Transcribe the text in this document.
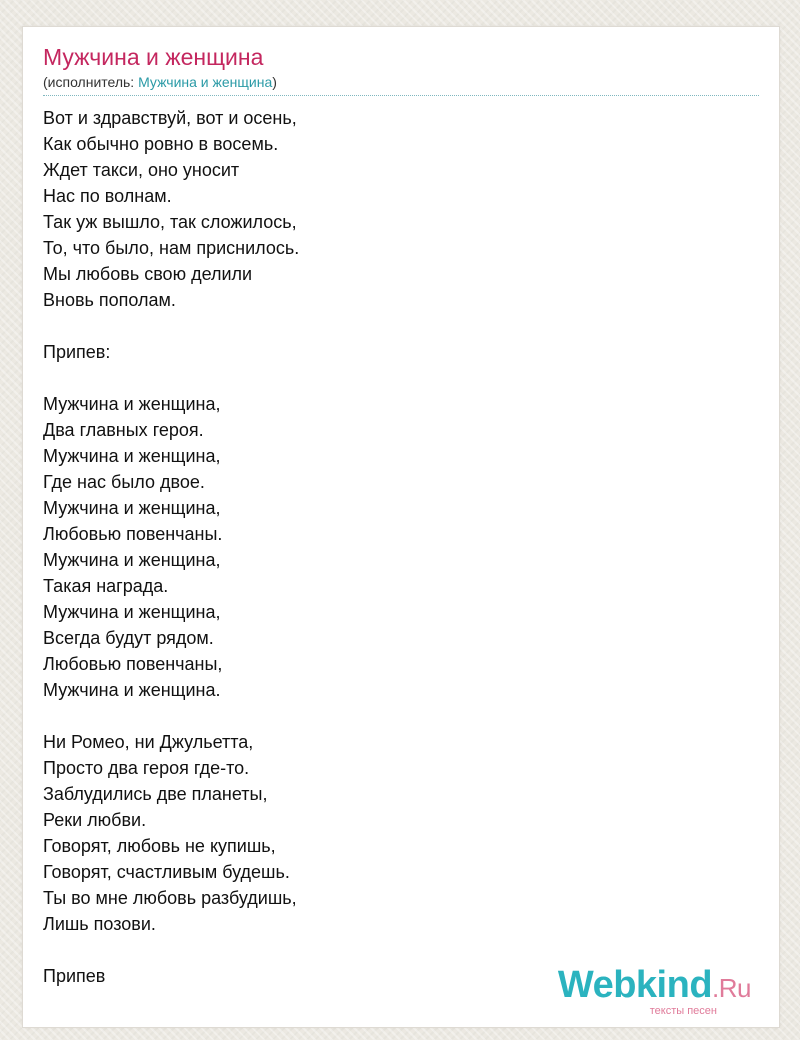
Мужчина и женщина
(исполнитель: Мужчина и женщина)
Вот и здравствуй, вот и осень,
Как обычно ровно в восемь.
Ждет такси, оно уносит
Нас по волнам.
Так уж вышло, так сложилось,
То, что было, нам приснилось.
Мы любовь свою делили
Вновь пополам.
Припев:
Мужчина и женщина,
Два главных героя.
Мужчина и женщина,
Где нас было двое.
Мужчина и женщина,
Любовью повенчаны.
Мужчина и женщина,
Такая награда.
Мужчина и женщина,
Всегда будут рядом.
Любовью повенчаны,
Мужчина и женщина.
Ни Ромео, ни Джульетта,
Просто два героя где-то.
Заблудились две планеты,
Реки любви.
Говорят, любовь не купишь,
Говорят, счастливым будешь.
Ты во мне любовь разбудишь,
Лишь позови.
Припев	Webkind.Ru
тексты песен
